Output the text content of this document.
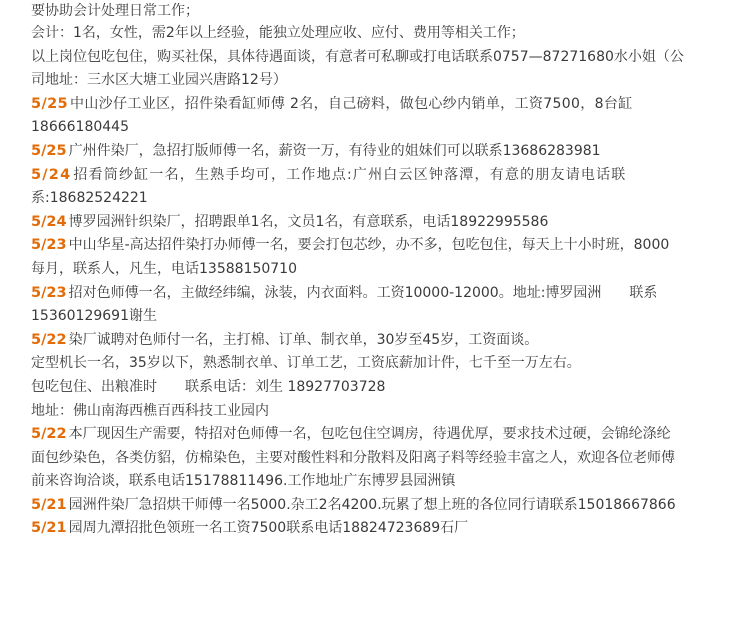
要协助会计处理日常工作；
会计：1名，女性，需2年以上经验，能独立处理应收、应付、费用等相关工作；
以上岗位包吃包住，购买社保，具体待遇面谈，有意者可私聊或打电话联系0757—87271680水小姐（公
司地址：三水区大塘工业园兴唐路12号）
5/25 中山沙仔工业区，招件染看缸师傅 2名，自己磅料，做包心纱内销单，工资7500，8台缸
18666180445
5/25 广州件染厂，急招打版师傅一名，薪资一万，有待业的姐妹们可以联系13686283981
5/24 招看筒纱缸一名，生熟手均可，工作地点:广州白云区钟落潭，有意的朋友请电话联
系:18682524221
5/24 博罗园洲针织染厂，招聘跟单1名，文员1名，有意联系，电话18922995586
5/23 中山华星-高达招件染打办师傅一名，要会打包芯纱，办不多，包吃包住，每天上十小时班，8000
每月，联系人，凡生，电话13588150710
5/23 招对色师傅一名，主做经纬编，泳装，内衣面料。工资10000-12000。地址:博罗园洲　　联系
15360129691谢生
5/22 染厂诚聘对色师付一名，主打棉、订单、制衣单，30岁至45岁，工资面谈。
定型机长一名，35岁以下，熟悉制衣单、订单工艺，工资底薪加计件，七千至一万左右。
包吃包住、出粮准时　　联系电话：刘生 18927703728
地址：佛山南海西樵百西科技工业园内
5/22 本厂现因生产需要，特招对色师傅一名，包吃包住空调房，待遇优厚，要求技术过硬，会锦纶涤纶
面包纱染色，各类仿貂，仿棉染色，主要对酸性料和分散料及阳离子料等经验丰富之人，欢迎各位老师傅
前来咨询洽谈，联系电话15178811496.工作地址广东博罗县园洲镇
5/21 园洲件染厂急招烘干师傅一名5000.杂工2名4200.玩累了想上班的各位同行请联系15018667866
5/21 园周九潭招批色领班一名工资7500联系电话18824723689石厂
